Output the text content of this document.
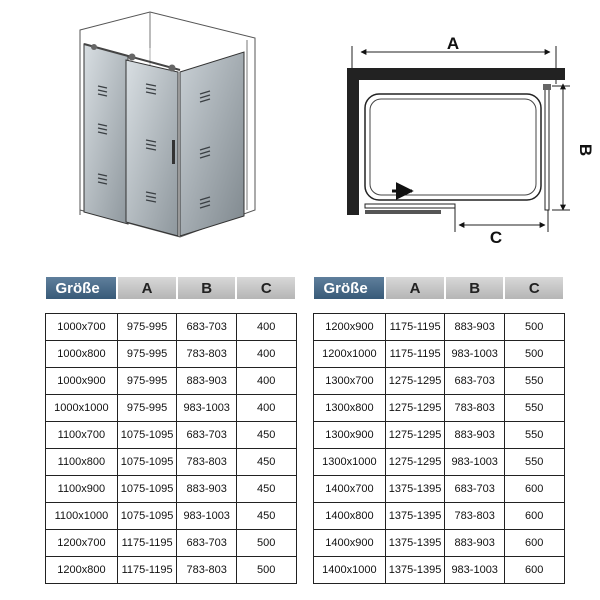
A
B
C
Größe	A	B	C

1000x700	975-995	683-703	400
1000x800	975-995	783-803	400
1000x900	975-995	883-903	400
1000x1000	975-995	983-1003	400
1100x700	1075-1095	683-703	450
1100x800	1075-1095	783-803	450
1100x900	1075-1095	883-903	450
1100x1000	1075-1095	983-1003	450
1200x700	1175-1195	683-703	500
1200x800	1175-1195	783-803	500
Größe	A	B	C

1200x900	1175-1195	883-903	500
1200x1000	1175-1195	983-1003	500
1300x700	1275-1295	683-703	550
1300x800	1275-1295	783-803	550
1300x900	1275-1295	883-903	550
1300x1000	1275-1295	983-1003	550
1400x700	1375-1395	683-703	600
1400x800	1375-1395	783-803	600
1400x900	1375-1395	883-903	600
1400x1000	1375-1395	983-1003	600
